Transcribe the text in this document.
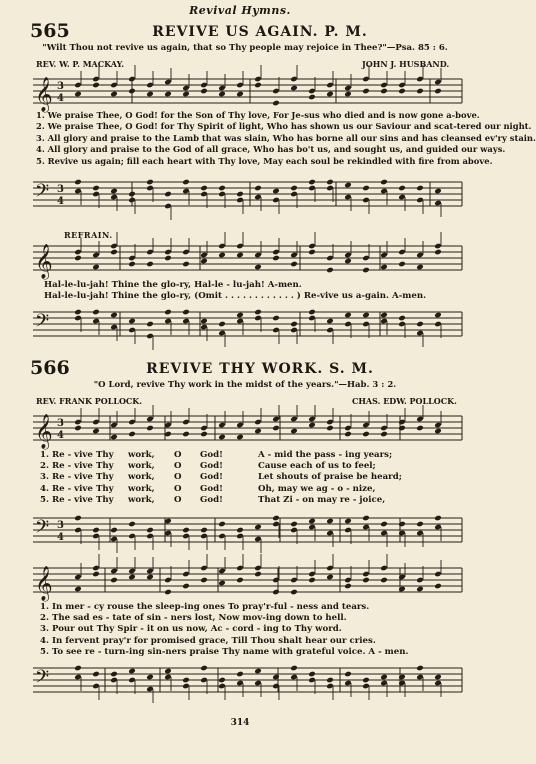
Revival Hymns.
565	REVIVE US AGAIN. P. M.
"Wilt Thou not revive us again, that so Thy people may rejoice in Thee?"—Psa. 85 : 6.
REV. W. P. MACKAY.	JOHN J. HUSBAND.
𝄞 3
4
1. We praise Thee, O God! for the Son of Thy love, For Je-sus who died and is now gone a-bove.
2. We praise Thee, O God! for Thy Spirit of light, Who has shown us our Saviour and scat-tered our night.
3. All glory and praise to the Lamb that was slain, Who has borne all our sins and has cleansed ev'ry stain.
4. All glory and praise to the God of all grace, Who has bo't us, and sought us, and guided our ways.
5. Revive us again; fill each heart with Thy love, May each soul be rekindled with fire from above.
𝄢 3
4
REFRAIN.
𝄞
Hal-le-lu-jah! Thine the glo-ry, Hal-le - lu-jah! A-men.
Hal-le-lu-jah! Thine the glo-ry, (Omit . . . . . . . . . . . . ) Re-vive us a-gain. A-men.
𝄢
566	REVIVE THY WORK. S. M.
"O Lord, revive Thy work in the midst of the years."—Hab. 3 : 2.
REV. FRANK POLLOCK.	CHAS. EDW. POLLOCK.
𝄞 3
4
1. Re - vive Thy work, O God!	A - mid the pass - ing years;
2. Re - vive Thy work, O God!	Cause each of us to feel;
3. Re - vive Thy work, O God!	Let shouts of praise be heard;
4. Re - vive Thy work, O God!	Oh, may we ag - o - nize,
5. Re - vive Thy work, O God!	That Zi - on may re - joice,
𝄢 3
4
𝄞
1. In mer - cy rouse the sleep-ing ones To pray'r-ful - ness and tears.
2. The sad es - tate of sin - ners lost, Now mov-ing down to hell.
3. Pour out Thy Spir - it on us now, Ac - cord - ing to Thy word.
4. In fervent pray'r for promised grace, Till Thou shalt hear our cries.
5. To see re - turn-ing sin-ners praise Thy name with grateful voice. A - men.
𝄢
314
